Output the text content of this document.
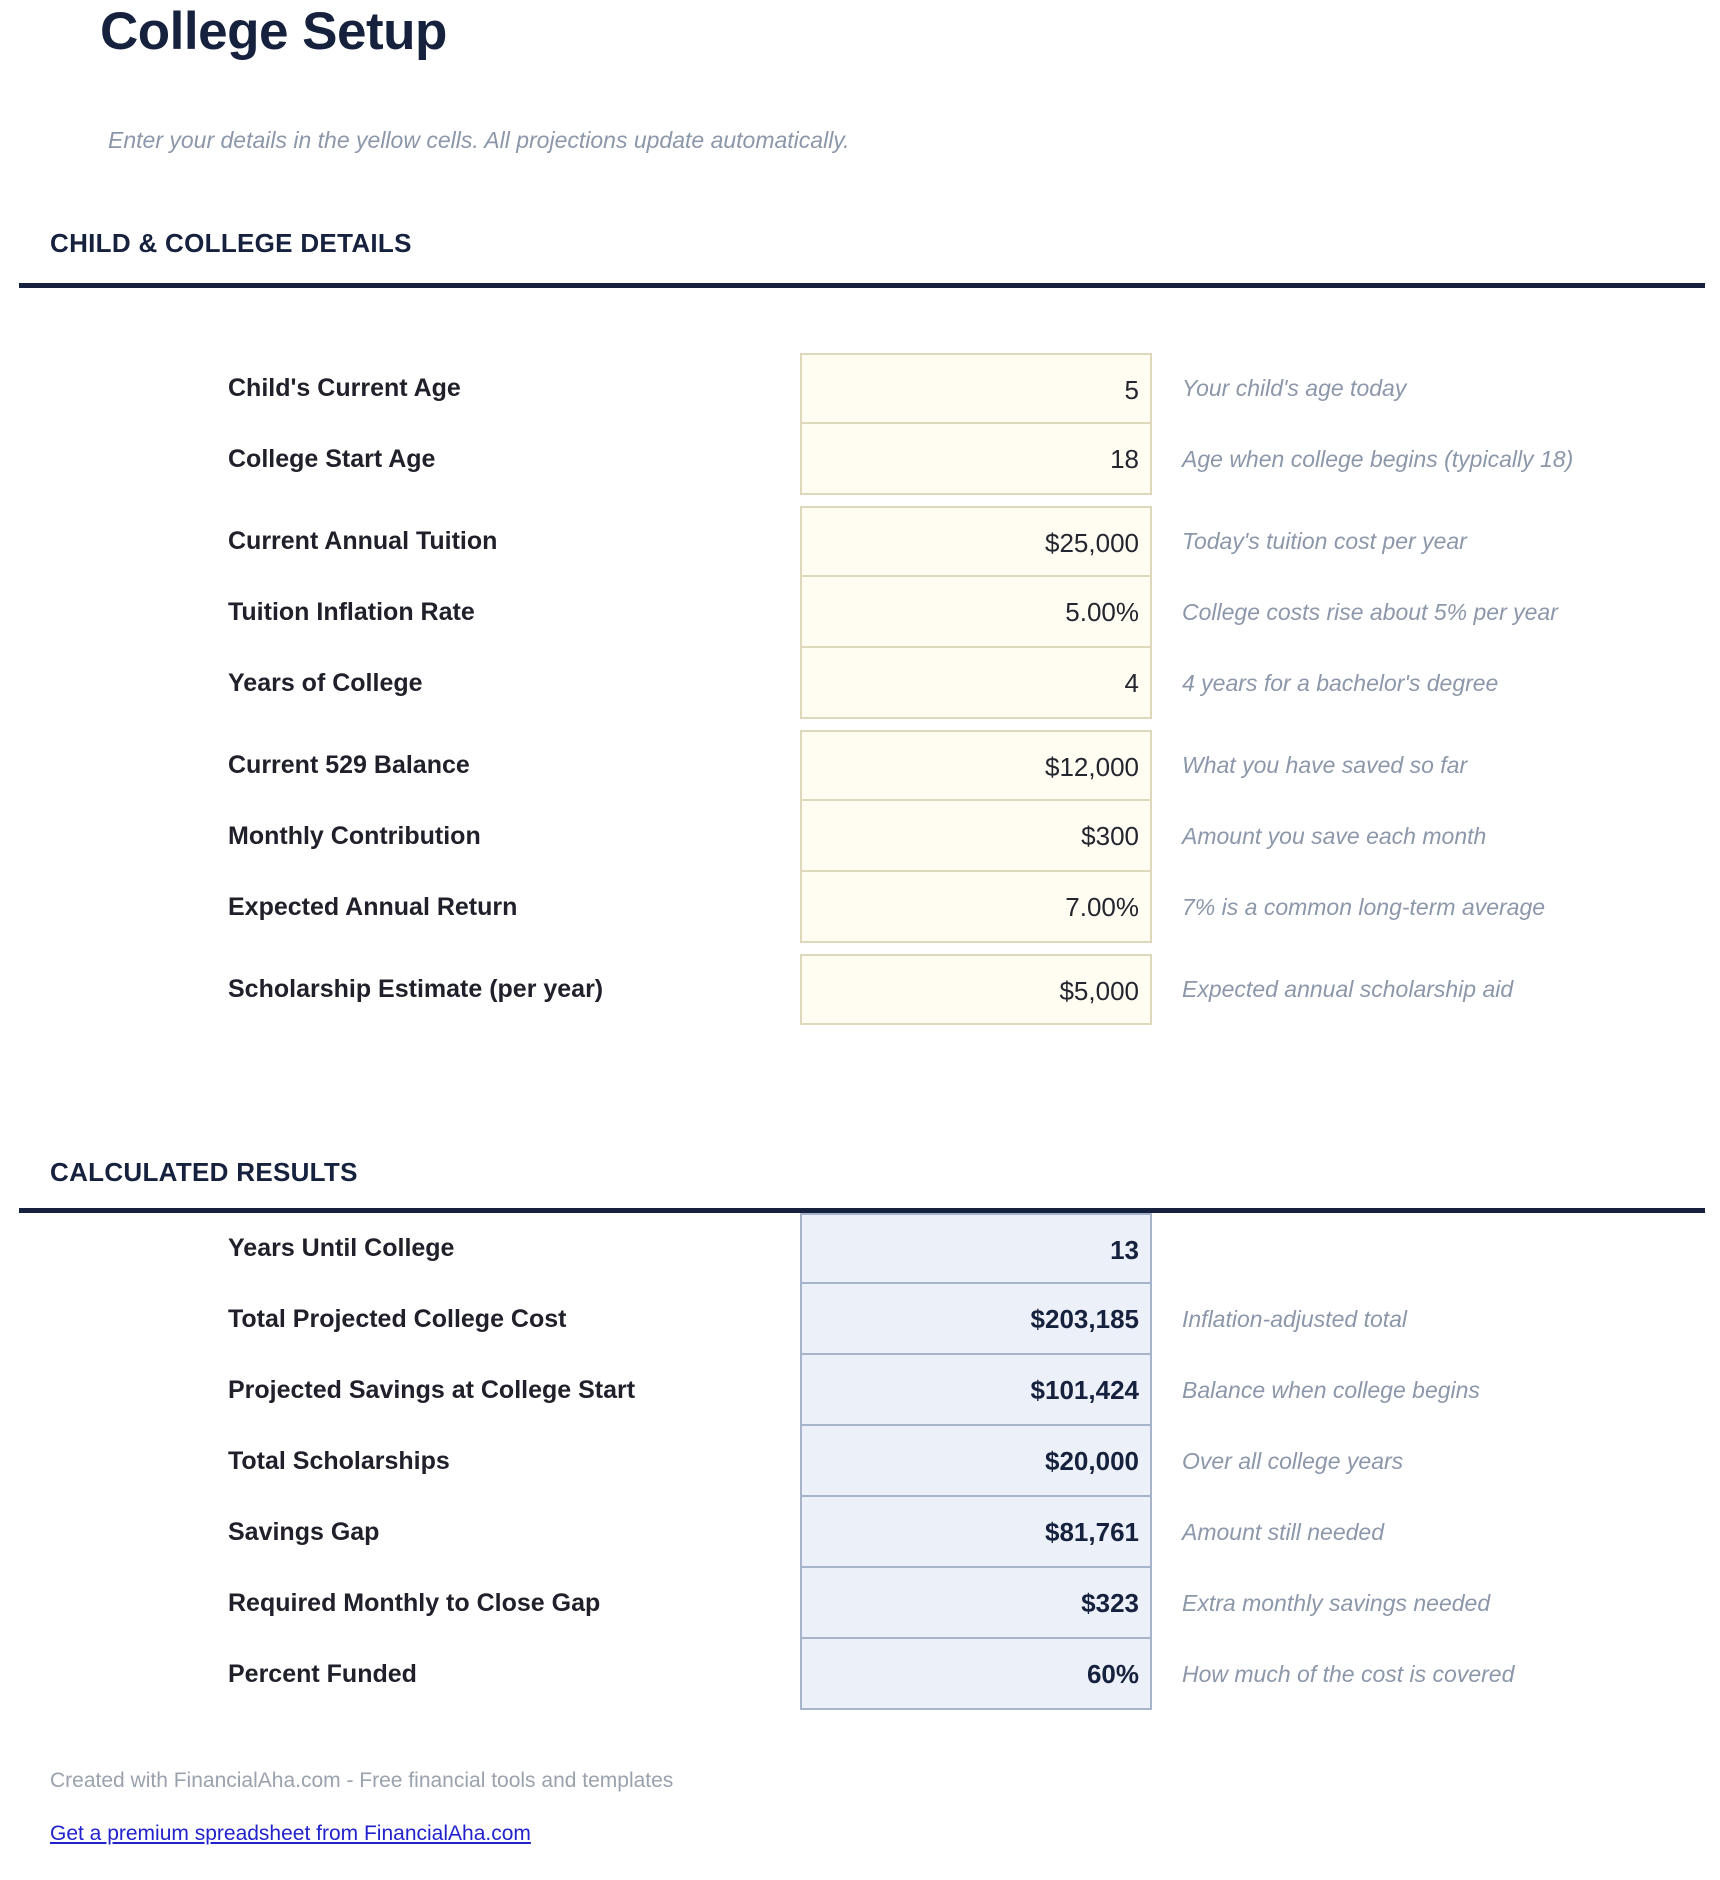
College Setup
Enter your details in the yellow cells. All projections update automatically.
CHILD & COLLEGE DETAILS
Child's Current Age	5 Your child's age today
College Start Age	18 Age when college begins (typically 18)
Current Annual Tuition	$25,000 Today's tuition cost per year
Tuition Inflation Rate	5.00% College costs rise about 5% per year
Years of College	4 4 years for a bachelor's degree
Current 529 Balance	$12,000 What you have saved so far
Monthly Contribution	$300 Amount you save each month
Expected Annual Return	7.00% 7% is a common long-term average
Scholarship Estimate (per year)	$5,000 Expected annual scholarship aid
CALCULATED RESULTS
Years Until College	13
Total Projected College Cost	$203,185 Inflation-adjusted total
Projected Savings at College Start	$101,424 Balance when college begins
Total Scholarships	$20,000 Over all college years
Savings Gap	$81,761 Amount still needed
Required Monthly to Close Gap	$323 Extra monthly savings needed
Percent Funded	60% How much of the cost is covered
Created with FinancialAha.com - Free financial tools and templates
Get a premium spreadsheet from FinancialAha.com
